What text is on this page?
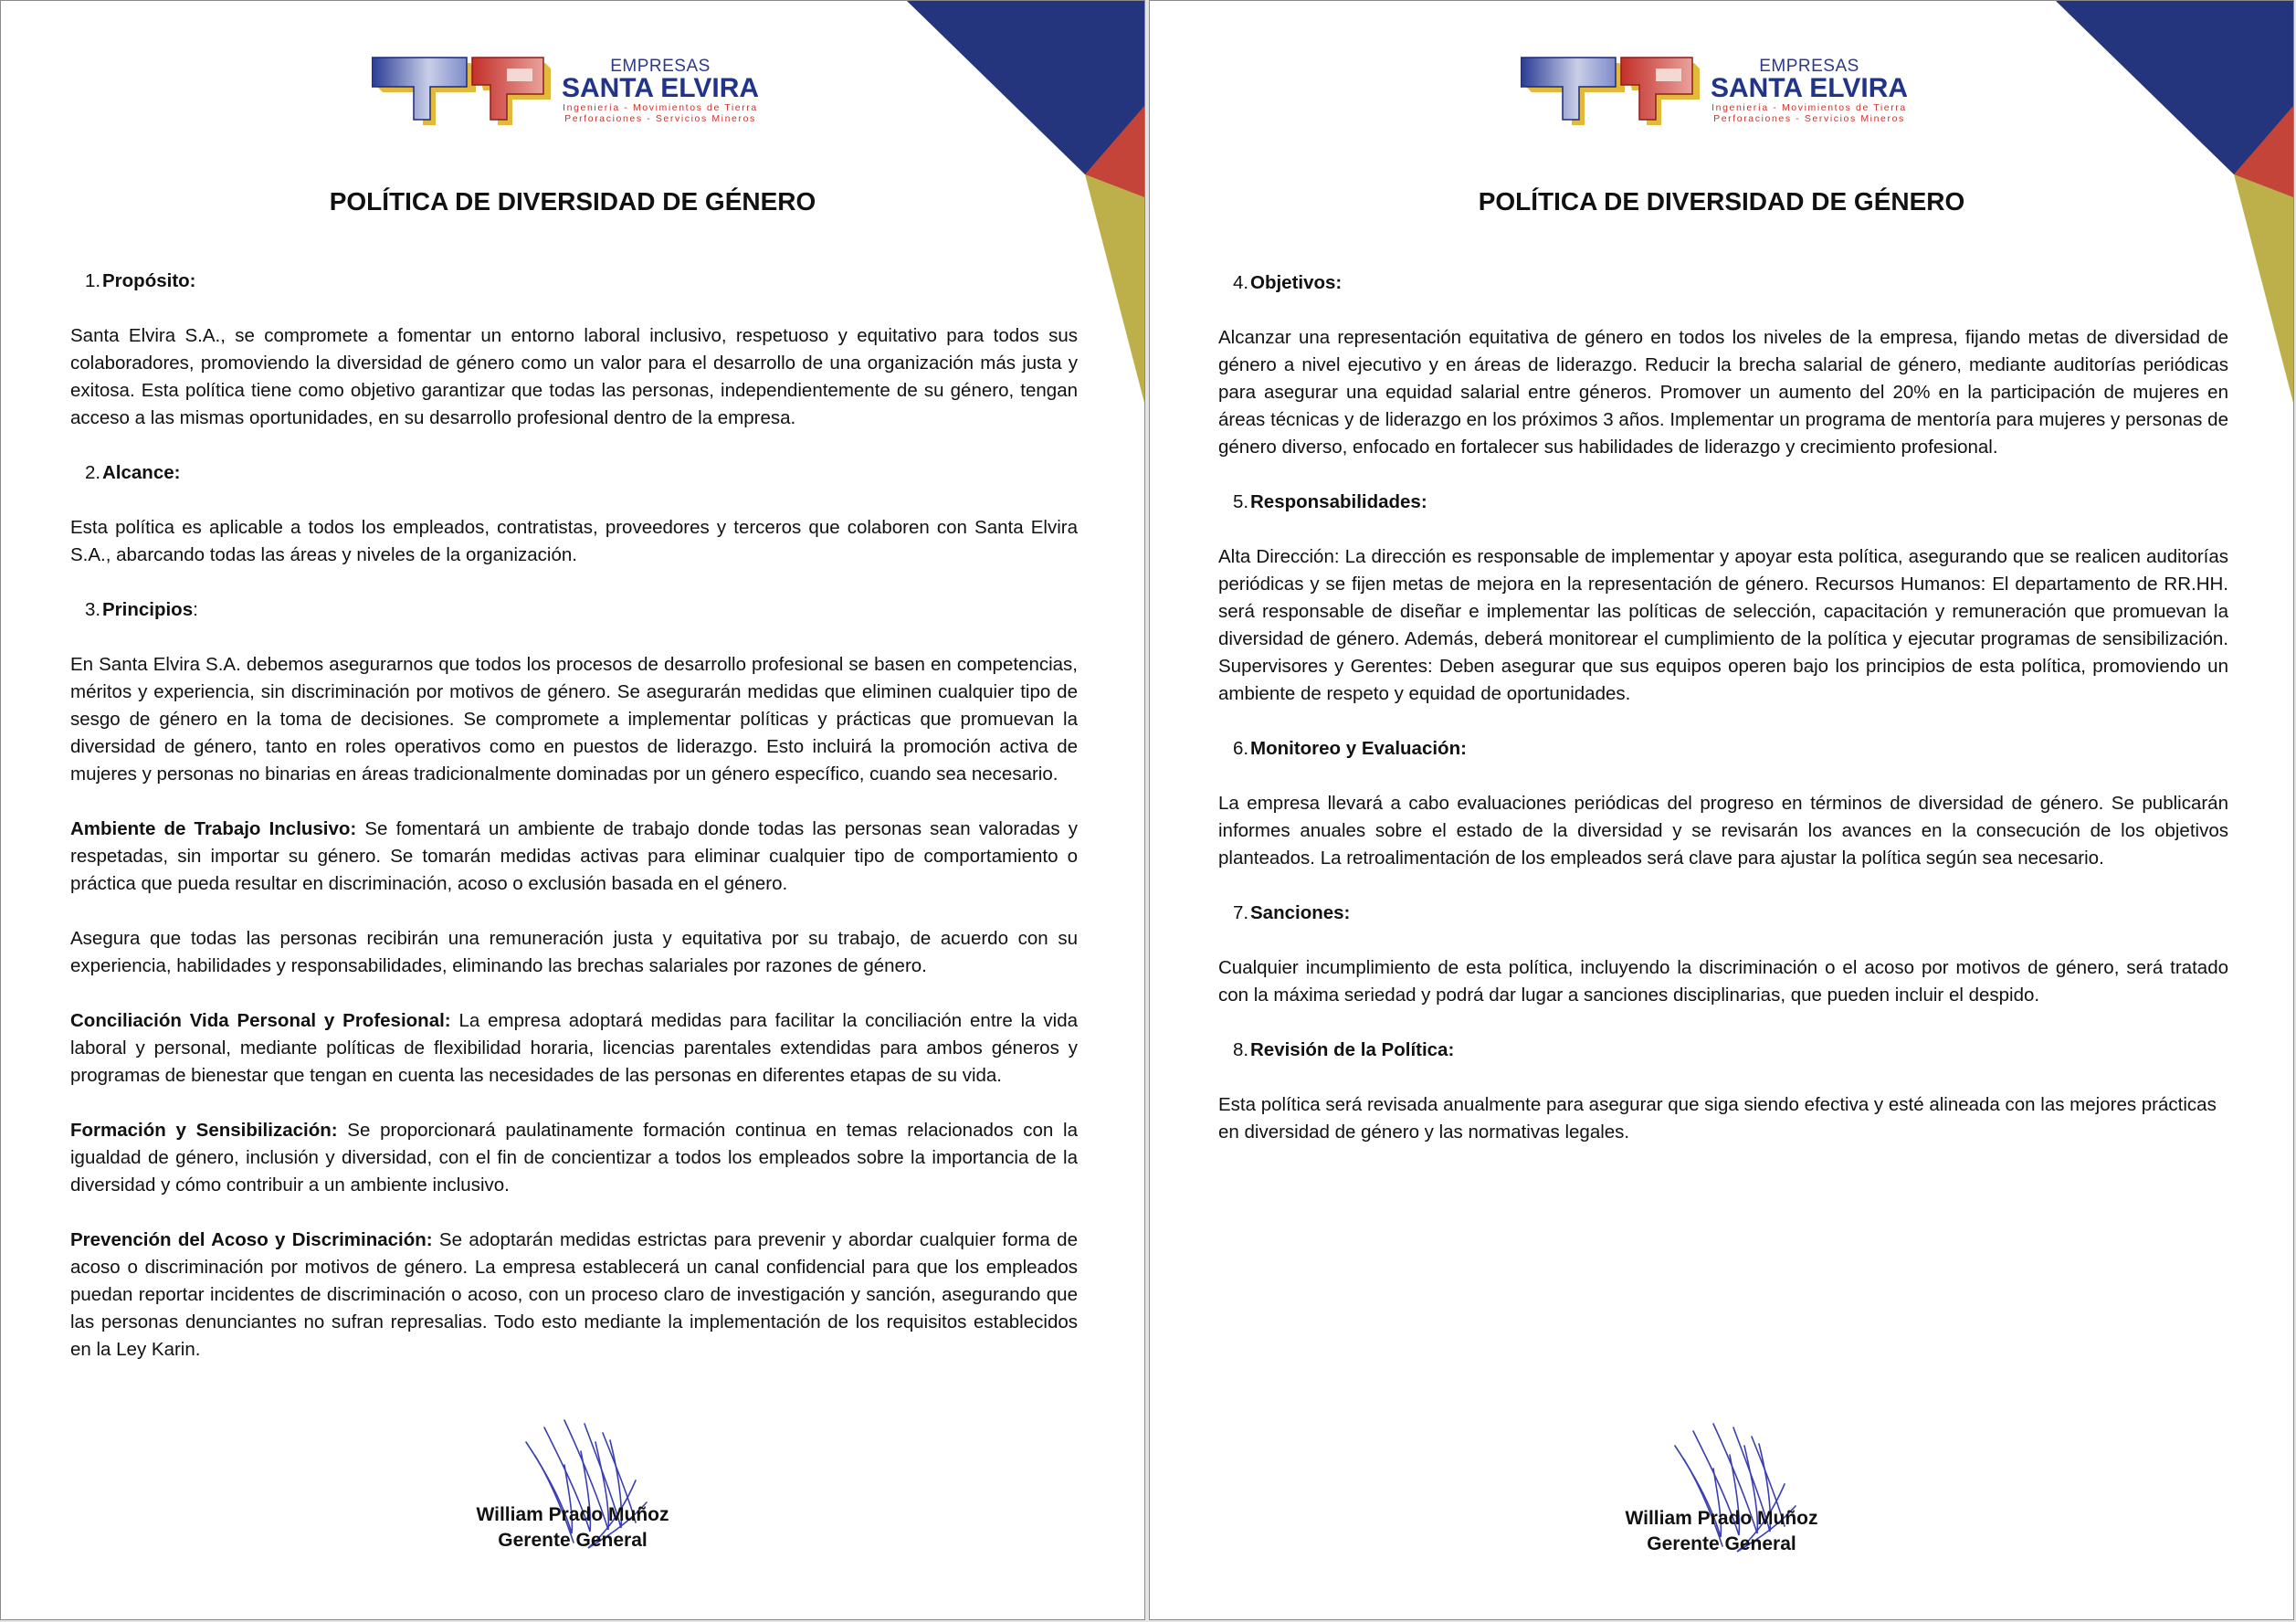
EMPRESAS
SANTA ELVIRA
Ingeniería - Movimientos de Tierra
Perforaciones - Servicios Mineros
POLÍTICA DE DIVERSIDAD DE GÉNERO
1.Propósito:

Santa Elvira S.A., se compromete a fomentar un entorno laboral inclusivo, respetuoso y equitativo para todos sus colaboradores, promoviendo la diversidad de género como un valor para el desarrollo de una organización más justa y exitosa. Esta política tiene como objetivo garantizar que todas las personas, independientemente de su género, tengan acceso a las mismas oportunidades, en su desarrollo profesional dentro de la empresa.

2.Alcance:

Esta política es aplicable a todos los empleados, contratistas, proveedores y terceros que colaboren con Santa Elvira S.A., abarcando todas las áreas y niveles de la organización.

3.Principios:

En Santa Elvira S.A. debemos asegurarnos que todos los procesos de desarrollo profesional se basen en competencias, méritos y experiencia, sin discriminación por motivos de género. Se asegurarán medidas que eliminen cualquier tipo de sesgo de género en la toma de decisiones. Se compromete a implementar políticas y prácticas que promuevan la diversidad de género, tanto en roles operativos como en puestos de liderazgo. Esto incluirá la promoción activa de mujeres y personas no binarias en áreas tradicionalmente dominadas por un género específico, cuando sea necesario.

Ambiente de Trabajo Inclusivo: Se fomentará un ambiente de trabajo donde todas las personas sean valoradas y respetadas, sin importar su género. Se tomarán medidas activas para eliminar cualquier tipo de comportamiento o práctica que pueda resultar en discriminación, acoso o exclusión basada en el género.

Asegura que todas las personas recibirán una remuneración justa y equitativa por su trabajo, de acuerdo con su experiencia, habilidades y responsabilidades, eliminando las brechas salariales por razones de género.

Conciliación Vida Personal y Profesional: La empresa adoptará medidas para facilitar la conciliación entre la vida laboral y personal, mediante políticas de flexibilidad horaria, licencias parentales extendidas para ambos géneros y programas de bienestar que tengan en cuenta las necesidades de las personas en diferentes etapas de su vida.

Formación y Sensibilización: Se proporcionará paulatinamente formación continua en temas relacionados con la igualdad de género, inclusión y diversidad, con el fin de concientizar a todos los empleados sobre la importancia de la diversidad y cómo contribuir a un ambiente inclusivo.

Prevención del Acoso y Discriminación: Se adoptarán medidas estrictas para prevenir y abordar cualquier forma de acoso o discriminación por motivos de género. La empresa establecerá un canal confidencial para que los empleados puedan reportar incidentes de discriminación o acoso, con un proceso claro de investigación y sanción, asegurando que las personas denunciantes no sufran represalias. Todo esto mediante la implementación de los requisitos establecidos en la Ley Karin.

William Prado Muñoz
Gerente General
EMPRESAS
SANTA ELVIRA
Ingeniería - Movimientos de Tierra
Perforaciones - Servicios Mineros
POLÍTICA DE DIVERSIDAD DE GÉNERO
4.Objetivos:

Alcanzar una representación equitativa de género en todos los niveles de la empresa, fijando metas de diversidad de género a nivel ejecutivo y en áreas de liderazgo. Reducir la brecha salarial de género, mediante auditorías periódicas para asegurar una equidad salarial entre géneros. Promover un aumento del 20% en la participación de mujeres en áreas técnicas y de liderazgo en los próximos 3 años. Implementar un programa de mentoría para mujeres y personas de género diverso, enfocado en fortalecer sus habilidades de liderazgo y crecimiento profesional.

5.Responsabilidades:

Alta Dirección: La dirección es responsable de implementar y apoyar esta política, asegurando que se realicen auditorías periódicas y se fijen metas de mejora en la representación de género. Recursos Humanos: El departamento de RR.HH. será responsable de diseñar e implementar las políticas de selección, capacitación y remuneración que promuevan la diversidad de género. Además, deberá monitorear el cumplimiento de la política y ejecutar programas de sensibilización. Supervisores y Gerentes: Deben asegurar que sus equipos operen bajo los principios de esta política, promoviendo un ambiente de respeto y equidad de oportunidades.

6.Monitoreo y Evaluación:

La empresa llevará a cabo evaluaciones periódicas del progreso en términos de diversidad de género. Se publicarán informes anuales sobre el estado de la diversidad y se revisarán los avances en la consecución de los objetivos planteados. La retroalimentación de los empleados será clave para ajustar la política según sea necesario.

7.Sanciones:

Cualquier incumplimiento de esta política, incluyendo la discriminación o el acoso por motivos de género, será tratado con la máxima seriedad y podrá dar lugar a sanciones disciplinarias, que pueden incluir el despido.

8.Revisión de la Política:

Esta política será revisada anualmente para asegurar que siga siendo efectiva y esté alineada con las mejores prácticas en diversidad de género y las normativas legales.

William Prado Muñoz
Gerente General
